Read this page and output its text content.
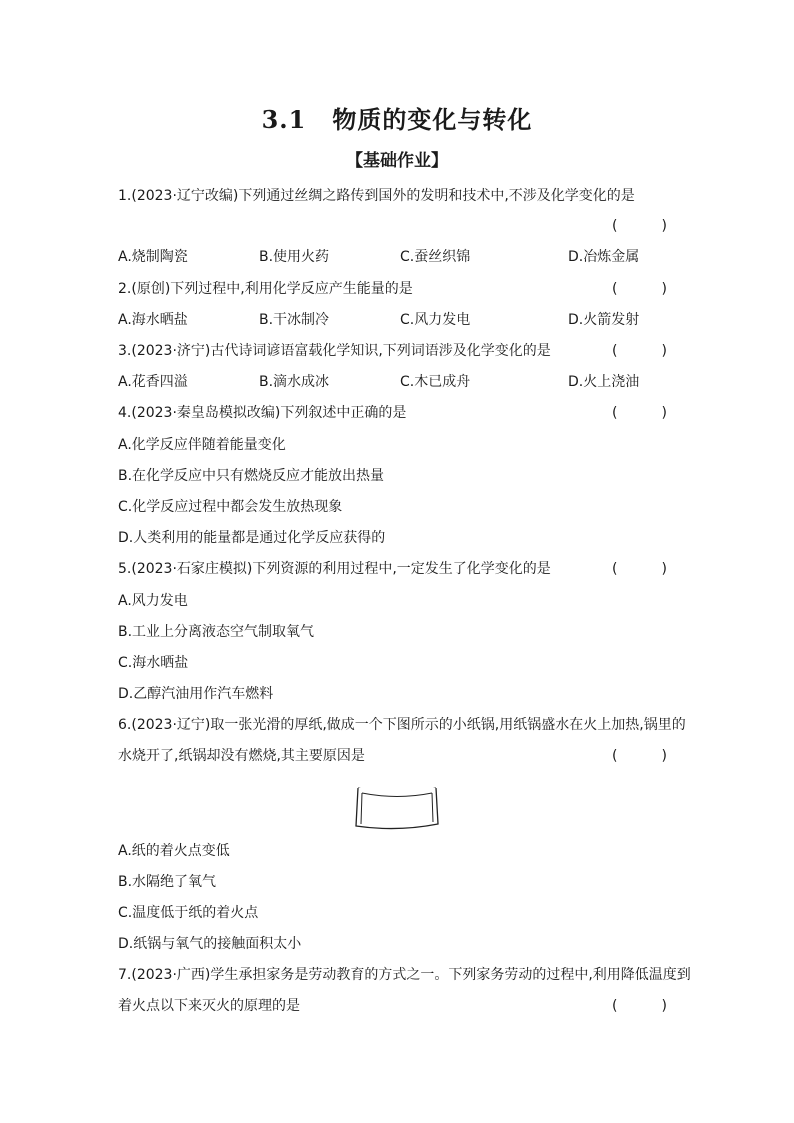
3.1 物质的变化与转化
【基础作业】
1.(2023·辽宁改编)下列通过丝绸之路传到国外的发明和技术中,不涉及化学变化的是
(	)
A.烧制陶瓷	B.使用火药	C.蚕丝织锦	D.冶炼金属
2.(原创)下列过程中,利用化学反应产生能量的是	(	)
A.海水晒盐	B.干冰制冷	C.风力发电	D.火箭发射
3.(2023·济宁)古代诗词谚语富载化学知识,下列词语涉及化学变化的是	(	)
A.花香四溢	B.滴水成冰	C.木已成舟	D.火上浇油
4.(2023·秦皇岛模拟改编)下列叙述中正确的是	(	)
A.化学反应伴随着能量变化
B.在化学反应中只有燃烧反应才能放出热量
C.化学反应过程中都会发生放热现象
D.人类利用的能量都是通过化学反应获得的
5.(2023·石家庄模拟)下列资源的利用过程中,一定发生了化学变化的是	(	)
A.风力发电
B.工业上分离液态空气制取氧气
C.海水晒盐
D.乙醇汽油用作汽车燃料
6.(2023·辽宁)取一张光滑的厚纸,做成一个下图所示的小纸锅,用纸锅盛水在火上加热,锅里的
水烧开了,纸锅却没有燃烧,其主要原因是	(	)
A.纸的着火点变低
B.水隔绝了氧气
C.温度低于纸的着火点
D.纸锅与氧气的接触面积太小
7.(2023·广西)学生承担家务是劳动教育的方式之一。下列家务劳动的过程中,利用降低温度到
着火点以下来灭火的原理的是	(	)
